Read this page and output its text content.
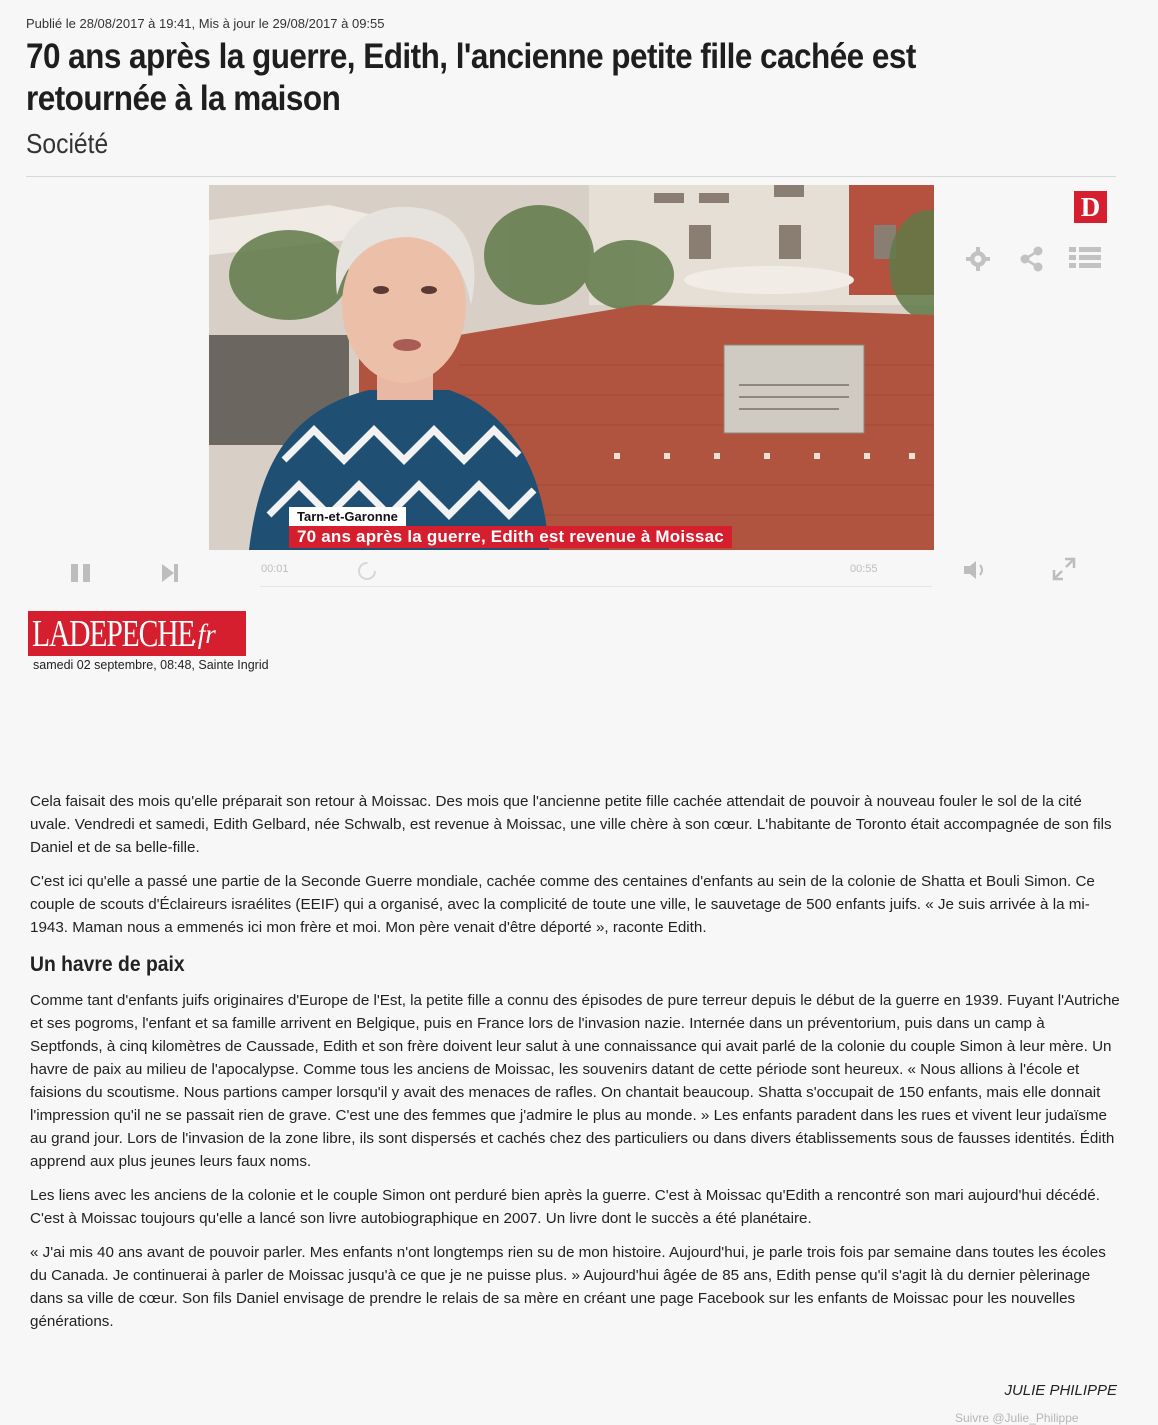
Publié le 28/08/2017 à 19:41, Mis à jour le 29/08/2017 à 09:55
70 ans après la guerre, Edith, l'ancienne petite fille cachée est retournée à la maison
Société
Tarn-et-Garonne
70 ans après la guerre, Edith est revenue à Moissac
D
00:01	00:55
LADEPECHE
.fr
samedi 02 septembre, 08:48, Sainte Ingrid

Cela faisait des mois qu'elle préparait son retour à Moissac. Des mois que l'ancienne petite fille cachée attendait de pouvoir à nouveau fouler le sol de la cité uvale. Vendredi et samedi, Edith Gelbard, née Schwalb, est revenue à Moissac, une ville chère à son cœur. L'habitante de Toronto était accompagnée de son fils Daniel et de sa belle-fille.

C'est ici qu'elle a passé une partie de la Seconde Guerre mondiale, cachée comme des centaines d'enfants au sein de la colonie de Shatta et Bouli Simon. Ce couple de scouts d'Éclaireurs israélites (EEIF) qui a organisé, avec la complicité de toute une ville, le sauvetage de 500 enfants juifs. « Je suis arrivée à la mi-1943. Maman nous a emmenés ici mon frère et moi. Mon père venait d'être déporté », raconte Edith.

Un havre de paix

Comme tant d'enfants juifs originaires d'Europe de l'Est, la petite fille a connu des épisodes de pure terreur depuis le début de la guerre en 1939. Fuyant l'Autriche et ses pogroms, l'enfant et sa famille arrivent en Belgique, puis en France lors de l'invasion nazie. Internée dans un préventorium, puis dans un camp à Septfonds, à cinq kilomètres de Caussade, Edith et son frère doivent leur salut à une connaissance qui avait parlé de la colonie du couple Simon à leur mère. Un havre de paix au milieu de l'apocalypse. Comme tous les anciens de Moissac, les souvenirs datant de cette période sont heureux. « Nous allions à l'école et faisions du scoutisme. Nous partions camper lorsqu'il y avait des menaces de rafles. On chantait beaucoup. Shatta s'occupait de 150 enfants, mais elle donnait l'impression qu'il ne se passait rien de grave. C'est une des femmes que j'admire le plus au monde. » Les enfants paradent dans les rues et vivent leur judaïsme au grand jour. Lors de l'invasion de la zone libre, ils sont dispersés et cachés chez des particuliers ou dans divers établissements sous de fausses identités. Édith apprend aux plus jeunes leurs faux noms.

Les liens avec les anciens de la colonie et le couple Simon ont perduré bien après la guerre. C'est à Moissac qu'Edith a rencontré son mari aujourd'hui décédé. C'est à Moissac toujours qu'elle a lancé son livre autobiographique en 2007. Un livre dont le succès a été planétaire.

« J'ai mis 40 ans avant de pouvoir parler. Mes enfants n'ont longtemps rien su de mon histoire. Aujourd'hui, je parle trois fois par semaine dans toutes les écoles du Canada. Je continuerai à parler de Moissac jusqu'à ce que je ne puisse plus. » Aujourd'hui âgée de 85 ans, Edith pense qu'il s'agit là du dernier pèlerinage dans sa ville de cœur. Son fils Daniel envisage de prendre le relais de sa mère en créant une page Facebook sur les enfants de Moissac pour les nouvelles générations.

JULIE PHILIPPE
Suivre @Julie_Philippe
